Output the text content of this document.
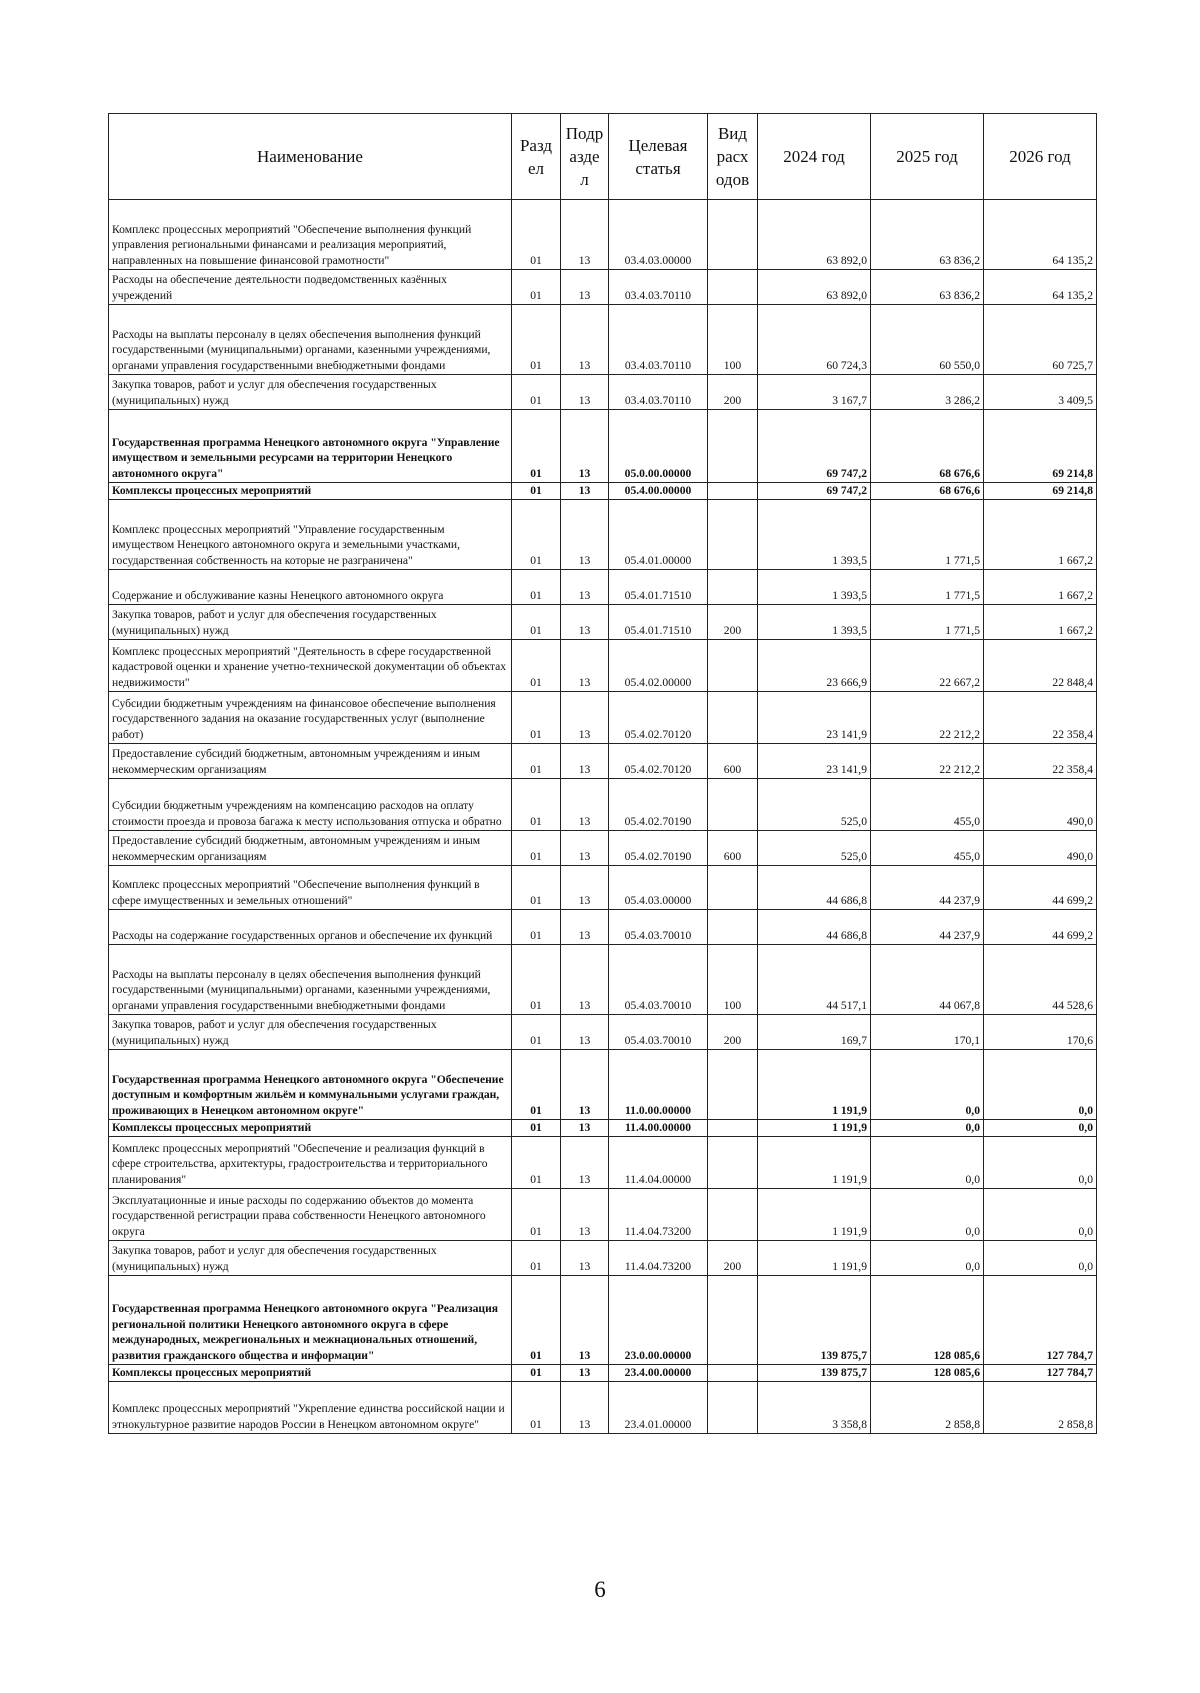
Наименование	Разд ел	Подр азде л	Целевая статья	Вид расх одов	2024 год	2025 год	2026 год
Комплекс процессных мероприятий "Обеспечение выполнения функций управления региональными финансами и реализация мероприятий, направленных на повышение финансовой грамотности"	01	13	03.4.03.00000		63 892,0	63 836,2	64 135,2
Расходы на обеспечение деятельности подведомственных казённых учреждений	01	13	03.4.03.70110		63 892,0	63 836,2	64 135,2
Расходы на выплаты персоналу в целях обеспечения выполнения функций государственными (муниципальными) органами, казенными учреждениями, органами управления государственными внебюджетными фондами	01	13	03.4.03.70110	100	60 724,3	60 550,0	60 725,7
Закупка товаров, работ и услуг для обеспечения государственных (муниципальных) нужд	01	13	03.4.03.70110	200	3 167,7	3 286,2	3 409,5
Государственная программа Ненецкого автономного округа "Управление имуществом и земельными ресурсами на территории Ненецкого автономного округа"	01	13	05.0.00.00000		69 747,2	68 676,6	69 214,8
Комплексы процессных мероприятий	01	13	05.4.00.00000		69 747,2	68 676,6	69 214,8
Комплекс процессных мероприятий "Управление государственным имуществом Ненецкого автономного округа и земельными участками, государственная собственность на которые не разграничена"	01	13	05.4.01.00000		1 393,5	1 771,5	1 667,2
Содержание и обслуживание казны Ненецкого автономного округа	01	13	05.4.01.71510		1 393,5	1 771,5	1 667,2
Закупка товаров, работ и услуг для обеспечения государственных (муниципальных) нужд	01	13	05.4.01.71510	200	1 393,5	1 771,5	1 667,2
Комплекс процессных мероприятий "Деятельность в сфере государственной кадастровой оценки и хранение учетно-технической документации об объектах недвижимости"	01	13	05.4.02.00000		23 666,9	22 667,2	22 848,4
Субсидии бюджетным учреждениям на финансовое обеспечение выполнения государственного задания на оказание государственных услуг (выполнение работ)	01	13	05.4.02.70120		23 141,9	22 212,2	22 358,4
Предоставление субсидий бюджетным, автономным учреждениям и иным некоммерческим организациям	01	13	05.4.02.70120	600	23 141,9	22 212,2	22 358,4
Субсидии бюджетным учреждениям на компенсацию расходов на оплату стоимости проезда и провоза багажа к месту использования отпуска и обратно	01	13	05.4.02.70190		525,0	455,0	490,0
Предоставление субсидий бюджетным, автономным учреждениям и иным некоммерческим организациям	01	13	05.4.02.70190	600	525,0	455,0	490,0
Комплекс процессных мероприятий "Обеспечение выполнения функций в сфере имущественных и земельных отношений"	01	13	05.4.03.00000		44 686,8	44 237,9	44 699,2
Расходы на содержание государственных органов и обеспечение их функций	01	13	05.4.03.70010		44 686,8	44 237,9	44 699,2
Расходы на выплаты персоналу в целях обеспечения выполнения функций государственными (муниципальными) органами, казенными учреждениями, органами управления государственными внебюджетными фондами	01	13	05.4.03.70010	100	44 517,1	44 067,8	44 528,6
Закупка товаров, работ и услуг для обеспечения государственных (муниципальных) нужд	01	13	05.4.03.70010	200	169,7	170,1	170,6
Государственная программа Ненецкого автономного округа "Обеспечение доступным и комфортным жильём и коммунальными услугами граждан, проживающих в Ненецком автономном округе"	01	13	11.0.00.00000		1 191,9	0,0	0,0
Комплексы процессных мероприятий	01	13	11.4.00.00000		1 191,9	0,0	0,0
Комплекс процессных мероприятий "Обеспечение и реализация функций в сфере строительства, архитектуры, градостроительства и территориального планирования"	01	13	11.4.04.00000		1 191,9	0,0	0,0
Эксплуатационные и иные расходы по содержанию объектов до момента государственной регистрации права собственности Ненецкого автономного округа	01	13	11.4.04.73200		1 191,9	0,0	0,0
Закупка товаров, работ и услуг для обеспечения государственных (муниципальных) нужд	01	13	11.4.04.73200	200	1 191,9	0,0	0,0
Государственная программа Ненецкого автономного округа "Реализация региональной политики Ненецкого автономного округа в сфере международных, межрегиональных и межнациональных отношений, развития гражданского общества и информации"	01	13	23.0.00.00000		139 875,7	128 085,6	127 784,7
Комплексы процессных мероприятий	01	13	23.4.00.00000		139 875,7	128 085,6	127 784,7
Комплекс процессных мероприятий "Укрепление единства российской нации и этнокультурное развитие народов России в Ненецком автономном округе"	01	13	23.4.01.00000		3 358,8	2 858,8	2 858,8
6
